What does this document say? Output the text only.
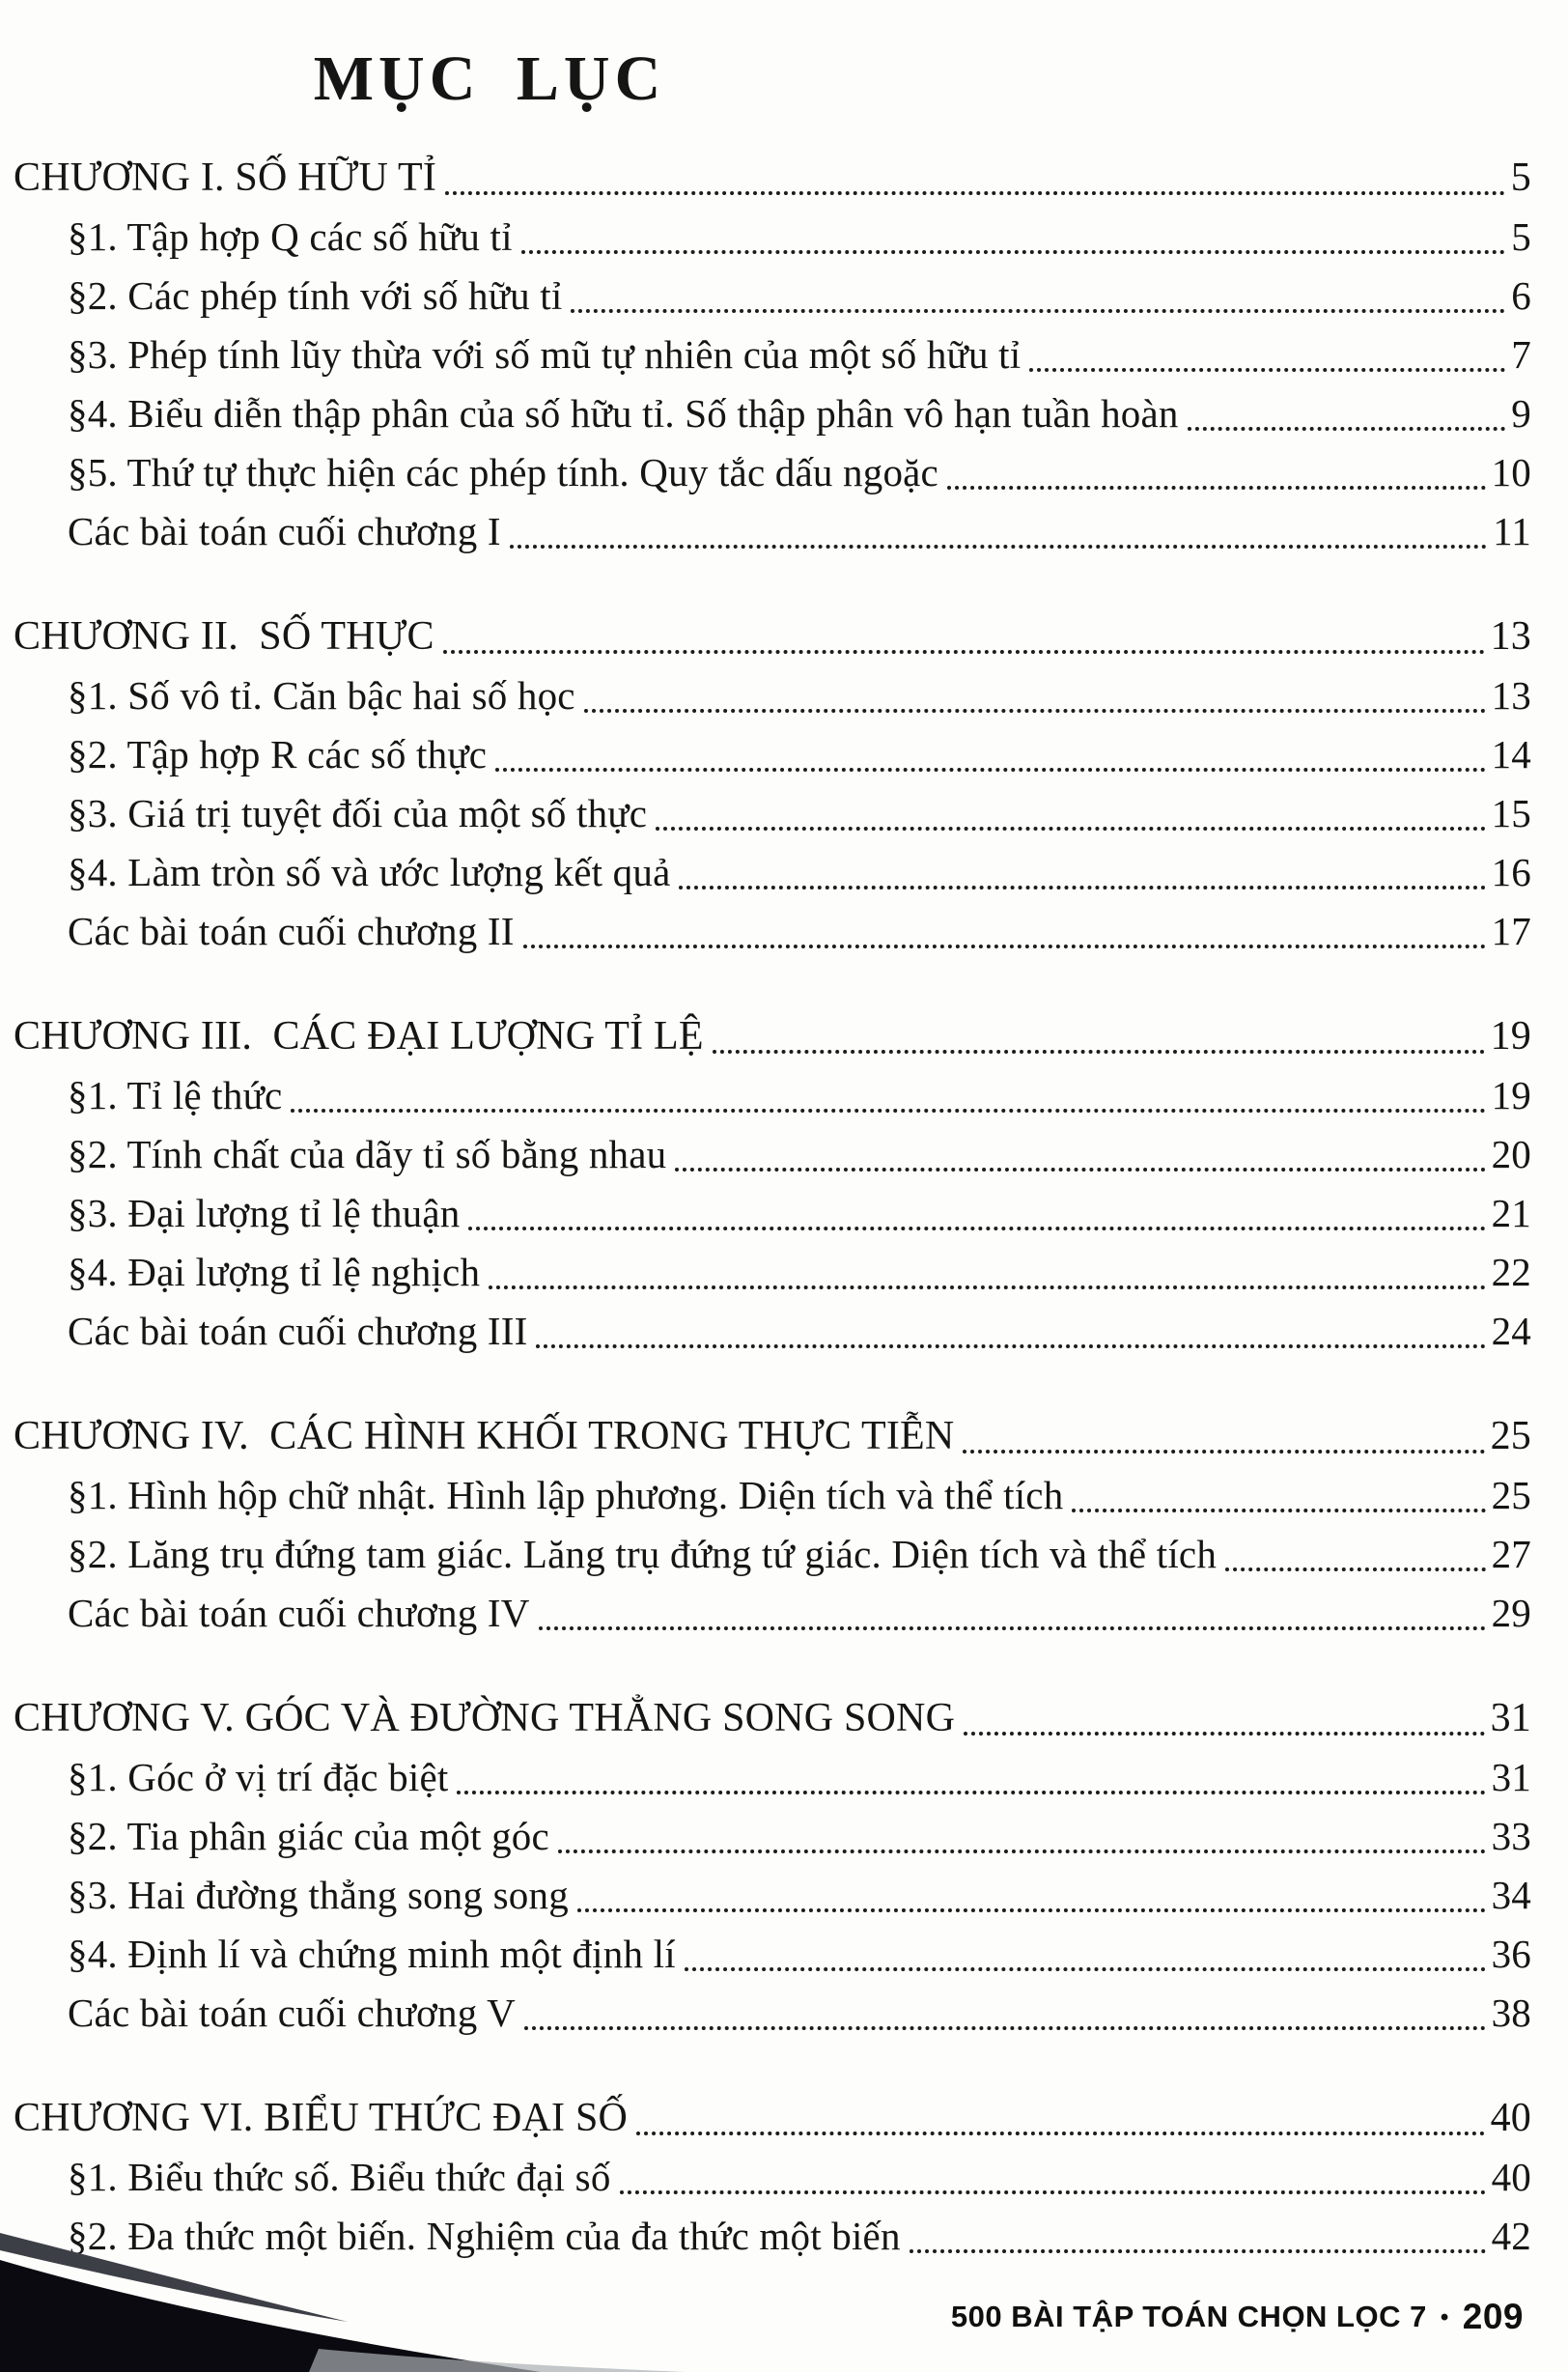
MỤC LỤC
CHƯƠNG I. SỐ HỮU TỈ	5
§1. Tập hợp Q các số hữu tỉ	5
§2. Các phép tính với số hữu tỉ	6
§3. Phép tính lũy thừa với số mũ tự nhiên của một số hữu tỉ	7
§4. Biểu diễn thập phân của số hữu tỉ. Số thập phân vô hạn tuần hoàn	9
§5. Thứ tự thực hiện các phép tính. Quy tắc dấu ngoặc	10
Các bài toán cuối chương I	11
CHƯƠNG II.  SỐ THỰC	13
§1. Số vô tỉ. Căn bậc hai số học	13
§2. Tập hợp R các số thực	14
§3. Giá trị tuyệt đối của một số thực	15
§4. Làm tròn số và ước lượng kết quả	16
Các bài toán cuối chương II	17
CHƯƠNG III.  CÁC ĐẠI LƯỢNG TỈ LỆ	19
§1. Tỉ lệ thức	19
§2. Tính chất của dãy tỉ số bằng nhau	20
§3. Đại lượng tỉ lệ thuận	21
§4. Đại lượng tỉ lệ nghịch	22
Các bài toán cuối chương III	24
CHƯƠNG IV.  CÁC HÌNH KHỐI TRONG THỰC TIỄN	25
§1. Hình hộp chữ nhật. Hình lập phương. Diện tích và thể tích	25
§2. Lăng trụ đứng tam giác. Lăng trụ đứng tứ giác. Diện tích và thể tích	27
Các bài toán cuối chương IV	29
CHƯƠNG V. GÓC VÀ ĐƯỜNG THẲNG SONG SONG	31
§1. Góc ở vị trí đặc biệt	31
§2. Tia phân giác của một góc	33
§3. Hai đường thẳng song song	34
§4. Định lí và chứng minh một định lí	36
Các bài toán cuối chương V	38
CHƯƠNG VI. BIỂU THỨC ĐẠI SỐ	40
§1. Biểu thức số. Biểu thức đại số	40
§2. Đa thức một biến. Nghiệm của đa thức một biến	42
500 BÀI TẬP TOÁN CHỌN LỌC 7 • 209
